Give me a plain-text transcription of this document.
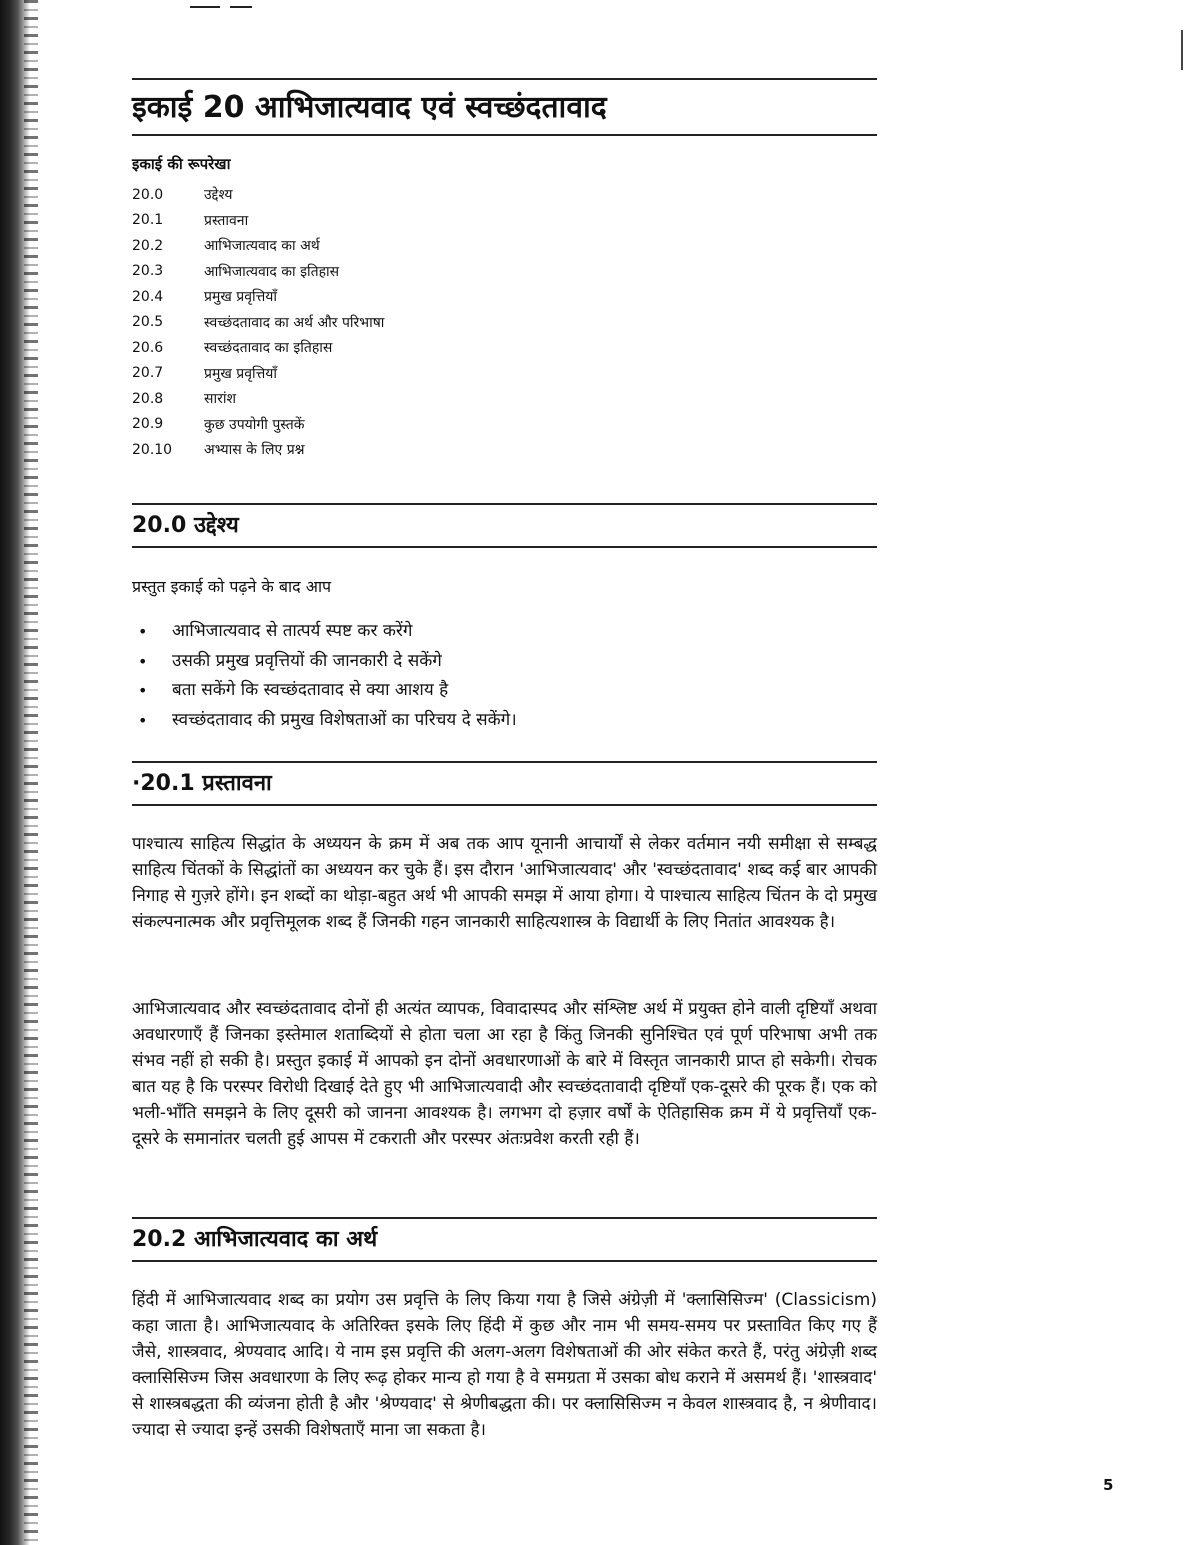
इकाई 20 आभिजात्यवाद एवं स्वच्छंदतावाद
इकाई की रूपरेखा
20.0	उद्देश्य
20.1	प्रस्तावना
20.2	आभिजात्यवाद का अर्थ
20.3	आभिजात्यवाद का इतिहास
20.4	प्रमुख प्रवृत्तियाँ
20.5	स्वच्छंदतावाद का अर्थ और परिभाषा
20.6	स्वच्छंदतावाद का इतिहास
20.7	प्रमुख प्रवृत्तियाँ
20.8	सारांश
20.9	कुछ उपयोगी पुस्तकें
20.10	अभ्यास के लिए प्रश्न
20.0 उद्देश्य
प्रस्तुत इकाई को पढ़ने के बाद आप
• आभिजात्यवाद से तात्पर्य स्पष्ट कर करेंगे
• उसकी प्रमुख प्रवृत्तियों की जानकारी दे सकेंगे
• बता सकेंगे कि स्वच्छंदतावाद से क्या आशय है
• स्वच्छंदतावाद की प्रमुख विशेषताओं का परिचय दे सकेंगे।
·20.1 प्रस्तावना

पाश्चात्य साहित्य सिद्धांत के अध्ययन के क्रम में अब तक आप यूनानी आचार्यों से लेकर वर्तमान नयी समीक्षा से सम्बद्ध साहित्य चिंतकों के सिद्धांतों का अध्ययन कर चुके हैं। इस दौरान 'आभिजात्यवाद' और 'स्वच्छंदतावाद' शब्द कई बार आपकी निगाह से गुज़रे होंगे। इन शब्दों का थोड़ा-बहुत अर्थ भी आपकी समझ में आया होगा। ये पाश्चात्य साहित्य चिंतन के दो प्रमुख संकल्पनात्मक और प्रवृत्तिमूलक शब्द हैं जिनकी गहन जानकारी साहित्यशास्त्र के विद्यार्थी के लिए नितांत आवश्यक है।

आभिजात्यवाद और स्वच्छंदतावाद दोनों ही अत्यंत व्यापक, विवादास्पद और संश्लिष्ट अर्थ में प्रयुक्त होने वाली दृष्टियाँ अथवा अवधारणाएँ हैं जिनका इस्तेमाल शताब्दियों से होता चला आ रहा है किंतु जिनकी सुनिश्चित एवं पूर्ण परिभाषा अभी तक संभव नहीं हो सकी है। प्रस्तुत इकाई में आपको इन दोनों अवधारणाओं के बारे में विस्तृत जानकारी प्राप्त हो सकेगी। रोचक बात यह है कि परस्पर विरोधी दिखाई देते हुए भी आभिजात्यवादी और स्वच्छंदतावादी दृष्टियाँ एक-दूसरे की पूरक हैं। एक को भली-भाँति समझने के लिए दूसरी को जानना आवश्यक है। लगभग दो हज़ार वर्षों के ऐतिहासिक क्रम में ये प्रवृत्तियाँ एक-दूसरे के समानांतर चलती हुई आपस में टकराती और परस्पर अंतःप्रवेश करती रही हैं।

20.2 आभिजात्यवाद का अर्थ

हिंदी में आभिजात्यवाद शब्द का प्रयोग उस प्रवृत्ति के लिए किया गया है जिसे अंग्रेज़ी में 'क्लासिसिज्म' (Classicism) कहा जाता है। आभिजात्यवाद के अतिरिक्त इसके लिए हिंदी में कुछ और नाम भी समय-समय पर प्रस्तावित किए गए हैं जैसे, शास्त्रवाद, श्रेण्यवाद आदि। ये नाम इस प्रवृत्ति की अलग-अलग विशेषताओं की ओर संकेत करते हैं, परंतु अंग्रेज़ी शब्द क्लासिसिज्म जिस अवधारणा के लिए रूढ़ होकर मान्य हो गया है वे समग्रता में उसका बोध कराने में असमर्थ हैं। 'शास्त्रवाद' से शास्त्रबद्धता की व्यंजना होती है और 'श्रेण्यवाद' से श्रेणीबद्धता की। पर क्लासिसिज्म न केवल शास्त्रवाद है, न श्रेणीवाद। ज्यादा से ज्यादा इन्हें उसकी विशेषताएँ माना जा सकता है।

5
